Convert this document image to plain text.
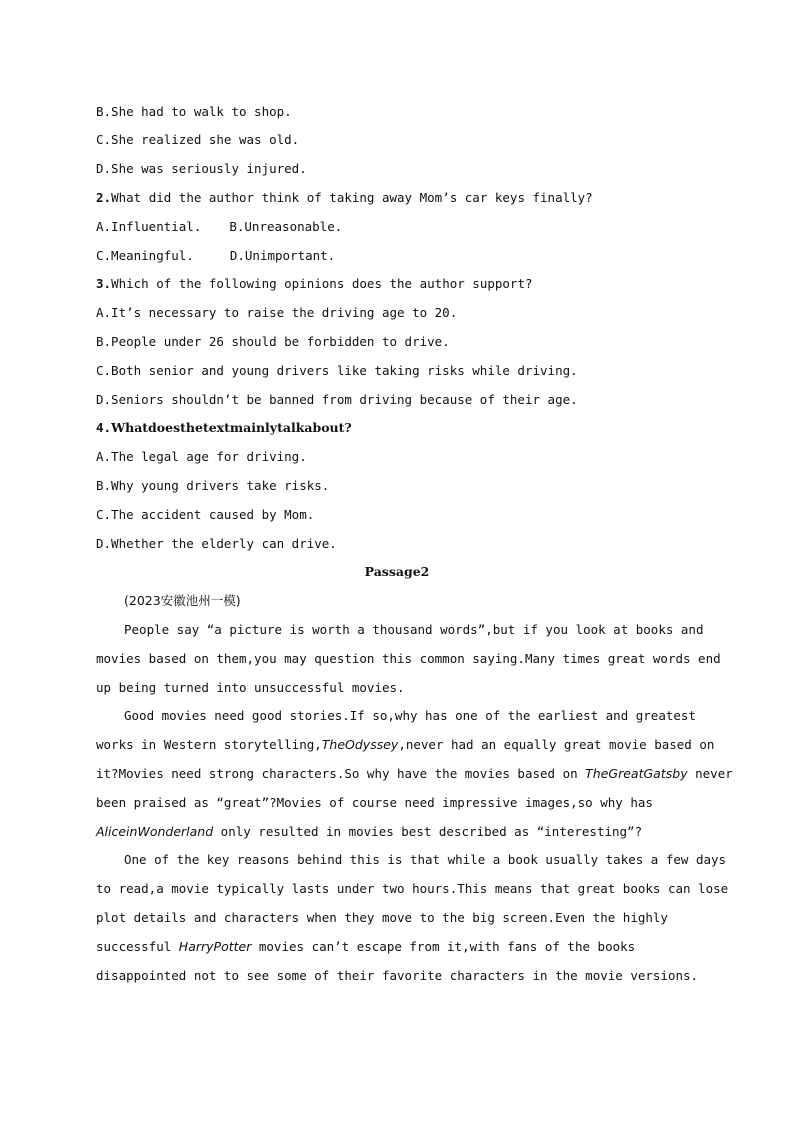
B.She had to walk to shop.
C.She realized she was old.
D.She was seriously injured.
2.What did the author think of taking away Mom’s car keys finally?
A.Influential. B.Unreasonable.
C.Meaningful.	D.Unimportant.
3.Which of the following opinions does the author support?
A.It’s necessary to raise the driving age to 20.
B.People under 26 should be forbidden to drive.
C.Both senior and young drivers like taking risks while driving.
D.Seniors shouldn’t be banned from driving because of their age.
4.Whatdoesthetextmainlytalkabout?
A.The legal age for driving.
B.Why young drivers take risks.
C.The accident caused by Mom.
D.Whether the elderly can drive.
Passage2
(2023安徽池州一模)
People say “a picture is worth a thousand words”,but if you look at books and
movies based on them,you may question this common saying.Many times great words end
up being turned into unsuccessful movies.
Good movies need good stories.If so,why has one of the earliest and greatest
works in Western storytelling,TheOdyssey,never had an equally great movie based on
it?Movies need strong characters.So why have the movies based on TheGreatGatsby never
been praised as “great”?Movies of course need impressive images,so why has
AliceinWonderland only resulted in movies best described as “interesting”?
One of the key reasons behind this is that while a book usually takes a few days
to read,a movie typically lasts under two hours.This means that great books can lose
plot details and characters when they move to the big screen.Even the highly
successful HarryPotter movies can’t escape from it,with fans of the books
disappointed not to see some of their favorite characters in the movie versions.
